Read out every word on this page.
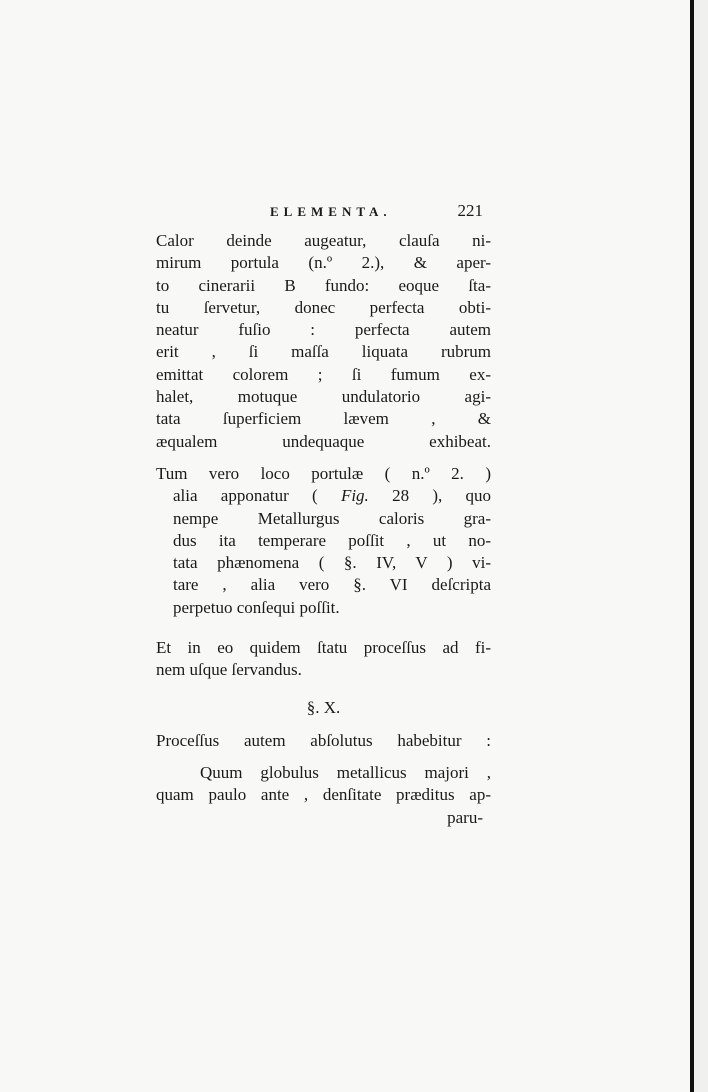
ELEMENTA.	221
Calor deinde augeatur, clauſa ni-
mirum portula (n.º 2.), & aper-
to cinerarii B fundo: eoque ſta-
tu ſervetur, donec perfecta obti-
neatur fuſio : perfecta autem
erit , ſi maſſa liquata rubrum
emittat colorem ; ſi fumum ex-
halet, motuque undulatorio agi-
tata ſuperficiem lævem , &
æqualem undequaque exhibeat.
Tum vero loco portulæ ( n.º 2. )
alia apponatur ( Fig. 28 ), quo
nempe Metallurgus caloris gra-
dus ita temperare poſſit , ut no-
tata phænomena ( §. IV, V ) vi-
tare , alia vero §. VI deſcripta
perpetuo conſequi poſſit.
Et in eo quidem ſtatu proceſſus ad fi-
nem uſque ſervandus.
§. X.
Proceſſus autem abſolutus habebitur :
Quum globulus metallicus majori ,
quam paulo ante , denſitate præditus ap-
paru-
